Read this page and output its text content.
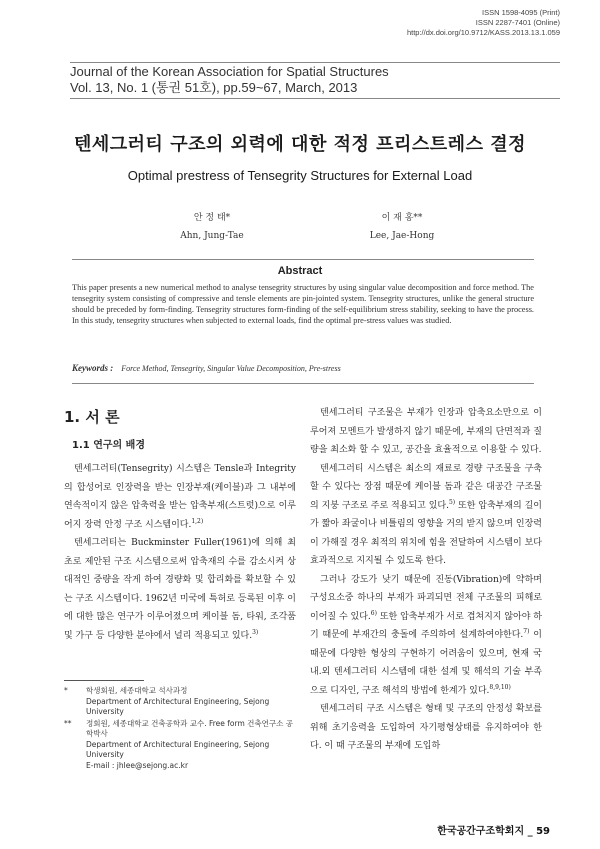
ISSN 1598-4095 (Print)
ISSN 2287-7401 (Online)
http://dx.doi.org/10.9712/KASS.2013.13.1.059
Journal of the Korean Association for Spatial Structures
Vol. 13, No. 1 (통권 51호), pp.59~67, March, 2013
텐세그러티 구조의 외력에 대한 적정 프리스트레스 결정
Optimal prestress of Tensegrity Structures for External Load
안 정 태*
Ahn, Jung-Tae
이 재 홍**
Lee, Jae-Hong
Abstract
This paper presents a new numerical method to analyse tensegrity structures by using singular value decomposition and force method. The tensegrity system consisting of compressive and tensle elements are pin-jointed system. Tensegrity structures, unlike the general structure should be preceded by form-finding. Tensegrity structures form-finding of the self-equilibrium stress stability, seeking to have the process. In this study, tensegrity structures when subjected to external loads, find the optimal pre-stress values was studied.
Keywords : Force Method, Tensegrity, Singular Value Decomposition, Pre-stress
1. 서 론
1.1 연구의 배경

텐세그러티(Tensegrity) 시스템은 Tensle과 Integrity의 합성어로 인장력을 받는 인장부재(케이블)과 그 내부에 연속적이지 않은 압축력을 받는 압축부재(스트럿)으로 이루어지 장력 안정 구조 시스템이다.$^{1,2)}$

텐세그러티는 Buckminster Fuller(1961)에 의해 최초로 제안된 구조 시스템으로써 압축재의 수를 감소시켜 상대적인 중량을 작게 하여 경량화 및 합리화를 확보할 수 있는 구조 시스템이다. 1962년 미국에 특허로 등록된 이후 이에 대한 많은 연구가 이루어졌으며 케이블 돔, 타워, 조각품 및 가구 등 다양한 분야에서 널리 적용되고 있다.$^{3)}$

텐세그러티 구조물은 부재가 인장과 압축요소만으로 이루어져 모멘트가 발생하지 않기 때문에, 부재의 단면적과 질량을 최소화 할 수 있고, 공간을 효율적으로 이용할 수 있다.

텐세그러티 시스템은 최소의 재료로 경량 구조물을 구축할 수 있다는 장점 때문에 케이블 돔과 같은 대공간 구조물의 지붕 구조로 주로 적용되고 있다.$^{5)}$ 또한 압축부재의 길이가 짧아 좌굴이나 비틀림의 영향을 거의 받지 않으며 인장력이 가해질 경우 최적의 위치에 힘을 전달하여 시스템이 보다 효과적으로 지지될 수 있도록 한다.

그러나 강도가 낮기 때문에 진동(Vibration)에 약하며 구성요소중 하나의 부재가 파괴되면 전체 구조물의 피해로 이어질 수 있다.$^{6)}$ 또한 압축부재가 서로 겹쳐지지 않아야 하기 때문에 부재간의 충돌에 주의하여 설계하여야한다.$^{7)}$ 이 때문에 다양한 형상의 구현하기 어려움이 있으며, 현재 국내.외 텐세그러티 시스템에 대한 설계 및 해석의 기술 부족으로 디자인, 구조 해석의 방법에 한계가 있다.$^{8,9,10)}$

텐세그러티 구조 시스템은 형태 및 구조의 안정성 확보를 위해 초기응력을 도입하여 자기평형상태를 유지하여야 한다. 이 때 구조물의 부재에 도입하

*	학생회원, 세종대학교 석사과정
Department of Architectural Engineering, Sejong University
**	정회원, 세종대학교 건축공학과 교수. Free form 건축연구소 공학박사
Department of Architectural Engineering, Sejong University
E-mail : jhlee@sejong.ac.kr
한국공간구조학회지 _ 59
